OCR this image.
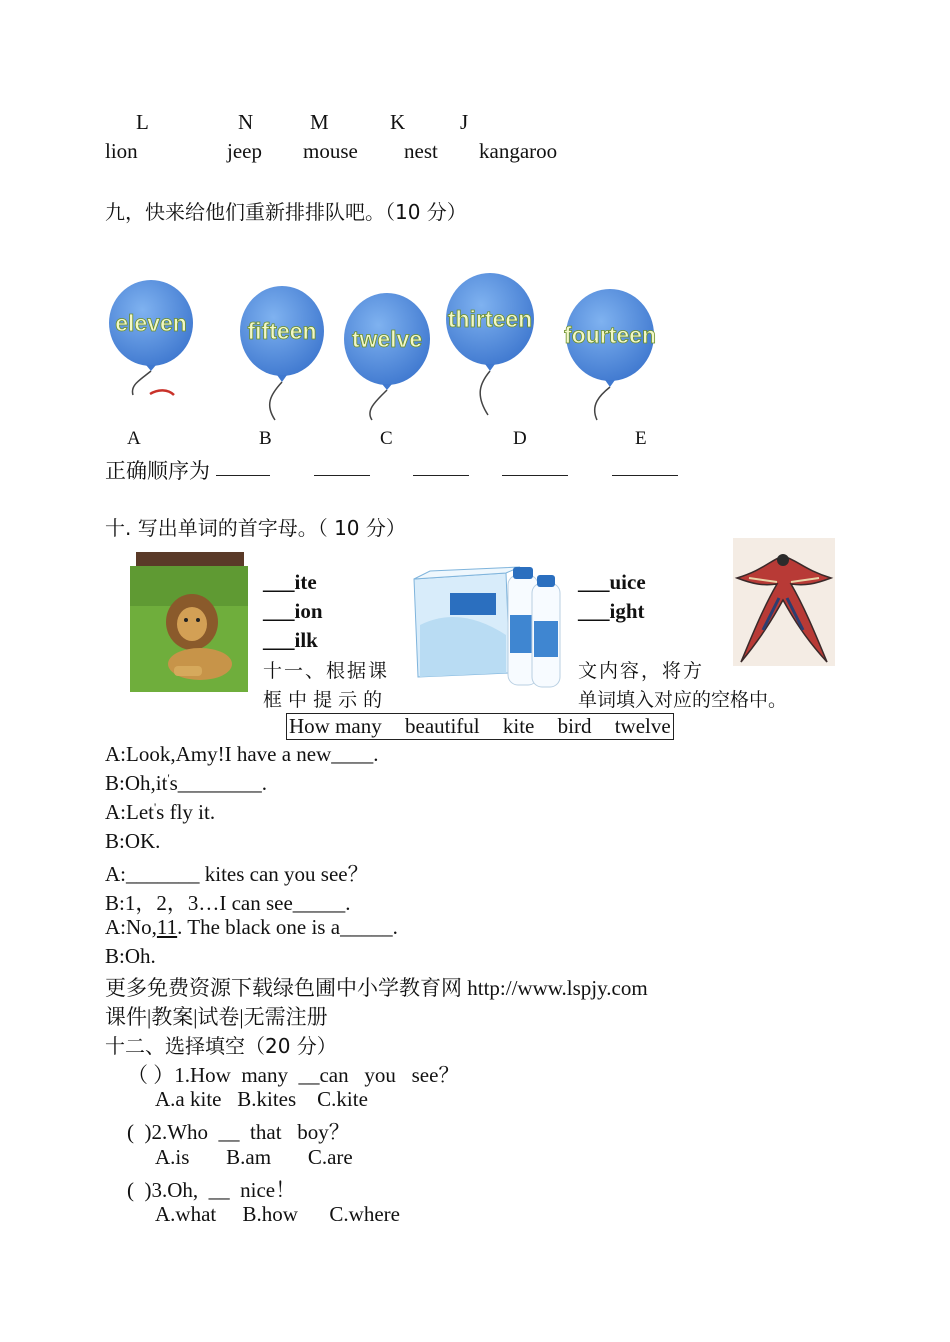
L	N	M	K	J
lion	jeep mouse nest kangaroo
九，快来给他们重新排排队吧。（10 分）
eleven	fifteen twelve
thirteen
fourteen
A	B	C	D	E
正确顺序为
十. 写出单词的首字母。（ 10 分）
___ite
___ion
___ilk
___uice
___ight
十一、根据课	文内容，将方
框 中 提 示 的	单词填入对应的空格中。
How many beautiful kite bird twelve
A:Look,Amy!I have a new____.
B:Oh,it's________.
A:Let's fly it.
B:OK.
A:_______ kites can you see？
B:1，2，3…I can see_____.
A:No,11. The black one is a_____.
B:Oh.
更多免费资源下载绿色圃中小学教育网 http://www.lspjy.com
课件|教案|试卷|无需注册
十二、选择填空（20 分）
（ ）1.How  many  __can   you   see？
A.a kite   B.kites    C.kite
(  )2.Who  __  that   boy？
A.is       B.am       C.are
(  )3.Oh,  __  nice！
A.what     B.how      C.where
